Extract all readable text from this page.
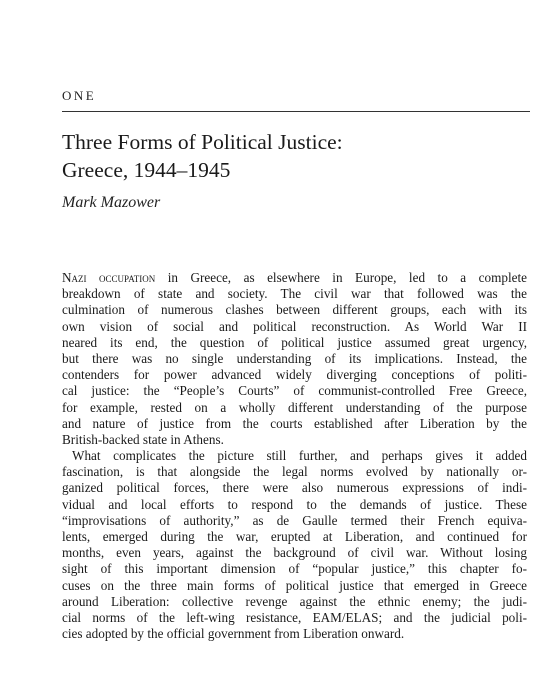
ONE
Three Forms of Political Justice:
Greece, 1944–1945
Mark Mazower
Nazi occupation in Greece, as elsewhere in Europe, led to a complete
breakdown of state and society. The civil war that followed was the
culmination of numerous clashes between different groups, each with its
own vision of social and political reconstruction. As World War II
neared its end, the question of political justice assumed great urgency,
but there was no single understanding of its implications. Instead, the
contenders for power advanced widely diverging conceptions of politi-
cal justice: the “People’s Courts” of communist-controlled Free Greece,
for example, rested on a wholly different understanding of the purpose
and nature of justice from the courts established after Liberation by the
British-backed state in Athens.
What complicates the picture still further, and perhaps gives it added
fascination, is that alongside the legal norms evolved by nationally or-
ganized political forces, there were also numerous expressions of indi-
vidual and local efforts to respond to the demands of justice. These
“improvisations of authority,” as de Gaulle termed their French equiva-
lents, emerged during the war, erupted at Liberation, and continued for
months, even years, against the background of civil war. Without losing
sight of this important dimension of “popular justice,” this chapter fo-
cuses on the three main forms of political justice that emerged in Greece
around Liberation: collective revenge against the ethnic enemy; the judi-
cial norms of the left-wing resistance, EAM/ELAS; and the judicial poli-
cies adopted by the official government from Liberation onward.
